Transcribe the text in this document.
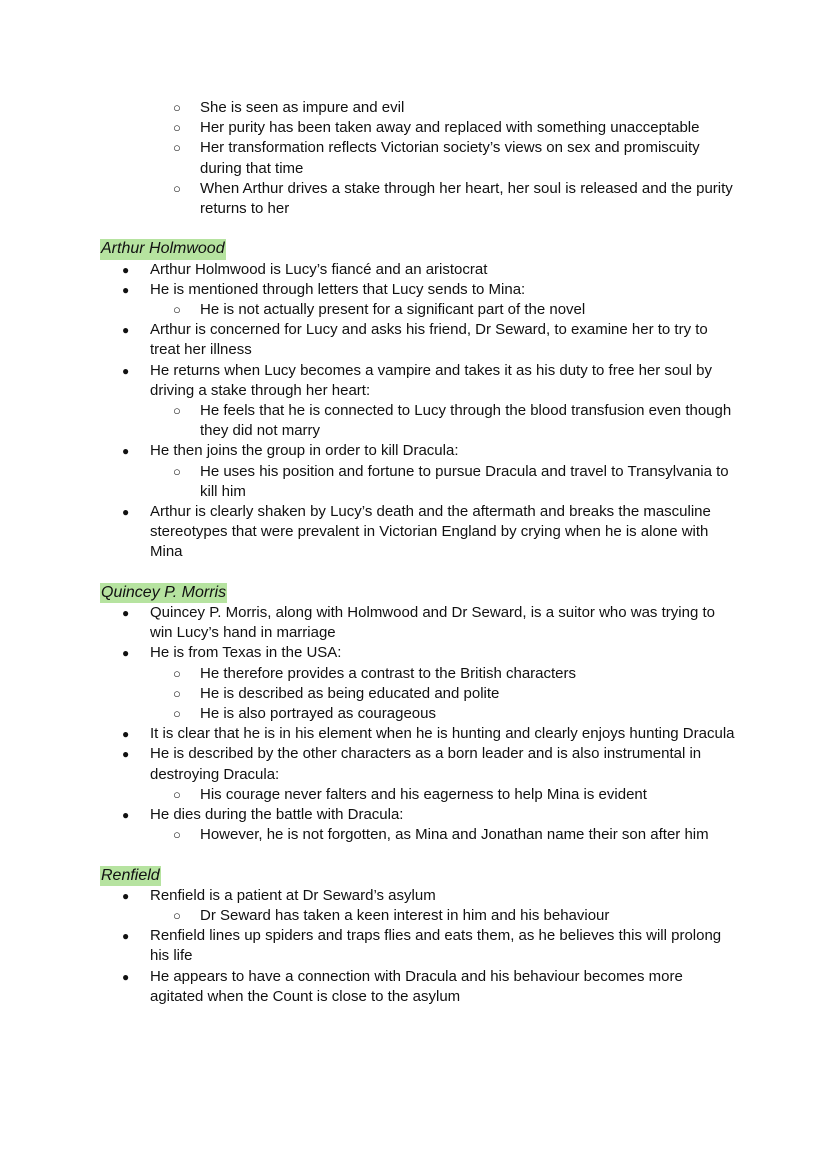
○ She is seen as impure and evil
○ Her purity has been taken away and replaced with something unacceptable
○ Her transformation reflects Victorian society’s views on sex and promiscuity during that time
○ When Arthur drives a stake through her heart, her soul is released and the purity returns to her
Arthur Holmwood
● Arthur Holmwood is Lucy’s fiancé and an aristocrat
● He is mentioned through letters that Lucy sends to Mina:
○ He is not actually present for a significant part of the novel
● Arthur is concerned for Lucy and asks his friend, Dr Seward, to examine her to try to treat her illness
● He returns when Lucy becomes a vampire and takes it as his duty to free her soul by driving a stake through her heart:
○ He feels that he is connected to Lucy through the blood transfusion even though they did not marry
● He then joins the group in order to kill Dracula:
○ He uses his position and fortune to pursue Dracula and travel to Transylvania to kill him
● Arthur is clearly shaken by Lucy’s death and the aftermath and breaks the masculine stereotypes that were prevalent in Victorian England by crying when he is alone with Mina
Quincey P. Morris
● Quincey P. Morris, along with Holmwood and Dr Seward, is a suitor who was trying to win Lucy’s hand in marriage
● He is from Texas in the USA:
○ He therefore provides a contrast to the British characters
○ He is described as being educated and polite
○ He is also portrayed as courageous
● It is clear that he is in his element when he is hunting and clearly enjoys hunting Dracula
● He is described by the other characters as a born leader and is also instrumental in destroying Dracula:
○ His courage never falters and his eagerness to help Mina is evident
● He dies during the battle with Dracula:
○ However, he is not forgotten, as Mina and Jonathan name their son after him
Renfield
● Renfield is a patient at Dr Seward’s asylum
○ Dr Seward has taken a keen interest in him and his behaviour
● Renfield lines up spiders and traps flies and eats them, as he believes this will prolong his life
● He appears to have a connection with Dracula and his behaviour becomes more agitated when the Count is close to the asylum
